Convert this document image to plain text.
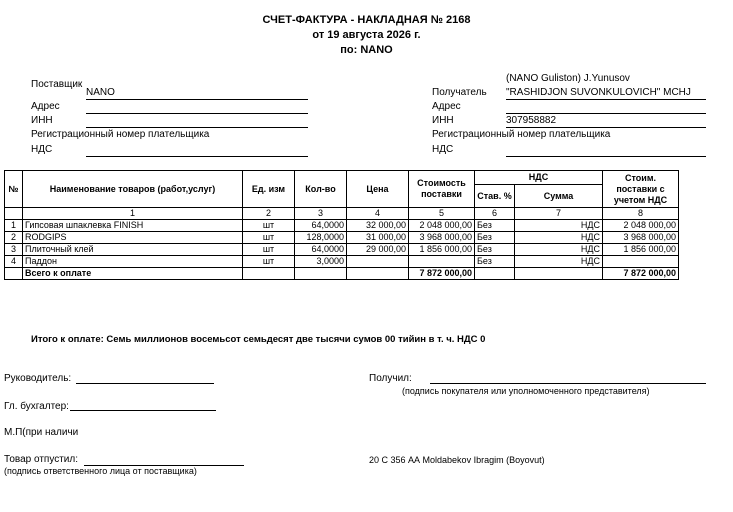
СЧЕТ-ФАКТУРА - НАКЛАДНАЯ № 2168
от 19 августа 2026 г.
по: NANO
Поставщик
NANO
Адрес
ИНН
Регистрационный номер плательщика
НДС
(NANO Guliston) J.Yunusov
Получатель "RASHIDJON SUVONKULOVICH" MCHJ
Адрес
ИНН	307958882
Регистрационный номер плательщика
НДС
№	Наименование товаров (работ,услуг)	Ед. изм	Кол-во	Цена	Стоимость поставки	НДС		Стоим. поставки с учетом НДС
						Став. %	Сумма	
	1	2	3	4	5	6	7	8
1	Гипсовая шпаклевка FINISH	шт	64,0000	32 000,00	2 048 000,00	Без	НДС	2 048 000,00
2	RODGIPS	шт	128,0000	31 000,00	3 968 000,00	Без	НДС	3 968 000,00
3	Плиточный клей	шт	64,0000	29 000,00	1 856 000,00	Без	НДС	1 856 000,00
4	Паддон	шт	3,0000			Без	НДС	
	Всего к оплате				7 872 000,00			7 872 000,00
Итого к оплате: Семь миллионов восемьсот семьдесят две тысячи сумов 00 тийин в т. ч. НДС 0
Руководитель:
Гл. бухгалтер:
М.П(при наличи
Товар отпустил:
(подпись ответственного лица от поставщика)
Получил:
(подпись покупателя или уполномоченного представителя)
20 С 356 АА Moldabekov Ibragim (Boyovut)
